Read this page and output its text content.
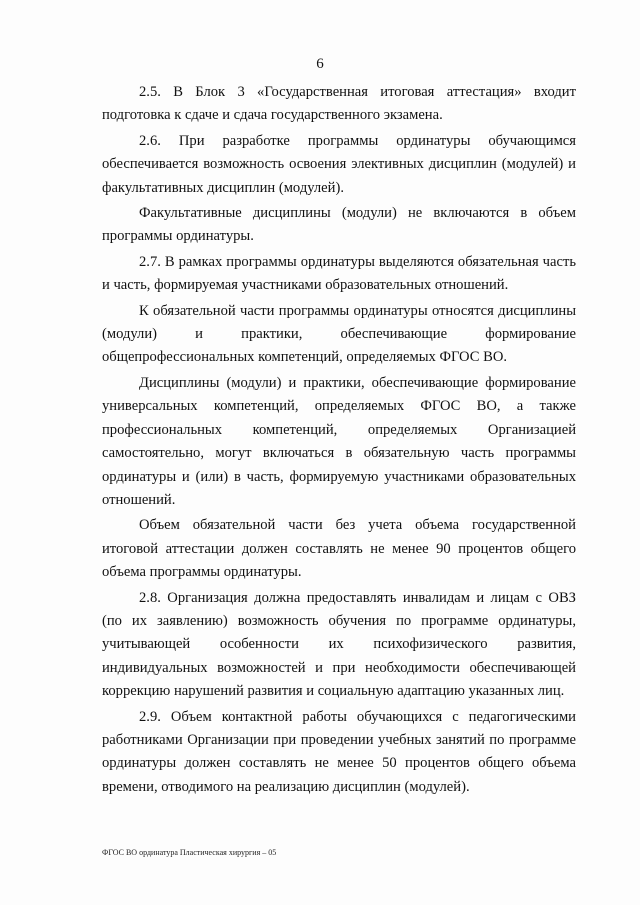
6

2.5. В Блок 3 «Государственная итоговая аттестация» входит подготовка к сдаче и сдача государственного экзамена.

2.6. При разработке программы ординатуры обучающимся обеспечивается возможность освоения элективных дисциплин (модулей) и факультативных дисциплин (модулей).

Факультативные дисциплины (модули) не включаются в объем программы ординатуры.

2.7. В рамках программы ординатуры выделяются обязательная часть и часть, формируемая участниками образовательных отношений.

К обязательной части программы ординатуры относятся дисциплины (модули) и практики, обеспечивающие формирование общепрофессиональных компетенций, определяемых ФГОС ВО.

Дисциплины (модули) и практики, обеспечивающие формирование универсальных компетенций, определяемых ФГОС ВО, а также профессиональных компетенций, определяемых Организацией самостоятельно, могут включаться в обязательную часть программы ординатуры и (или) в часть, формируемую участниками образовательных отношений.

Объем обязательной части без учета объема государственной итоговой аттестации должен составлять не менее 90 процентов общего объема программы ординатуры.

2.8. Организация должна предоставлять инвалидам и лицам с ОВЗ (по их заявлению) возможность обучения по программе ординатуры, учитывающей особенности их психофизического развития, индивидуальных возможностей и при необходимости обеспечивающей коррекцию нарушений развития и социальную адаптацию указанных лиц.

2.9. Объем контактной работы обучающихся с педагогическими работниками Организации при проведении учебных занятий по программе ординатуры должен составлять не менее 50 процентов общего объема времени, отводимого на реализацию дисциплин (модулей).

ФГОС ВО ординатура Пластическая хирургия – 05
